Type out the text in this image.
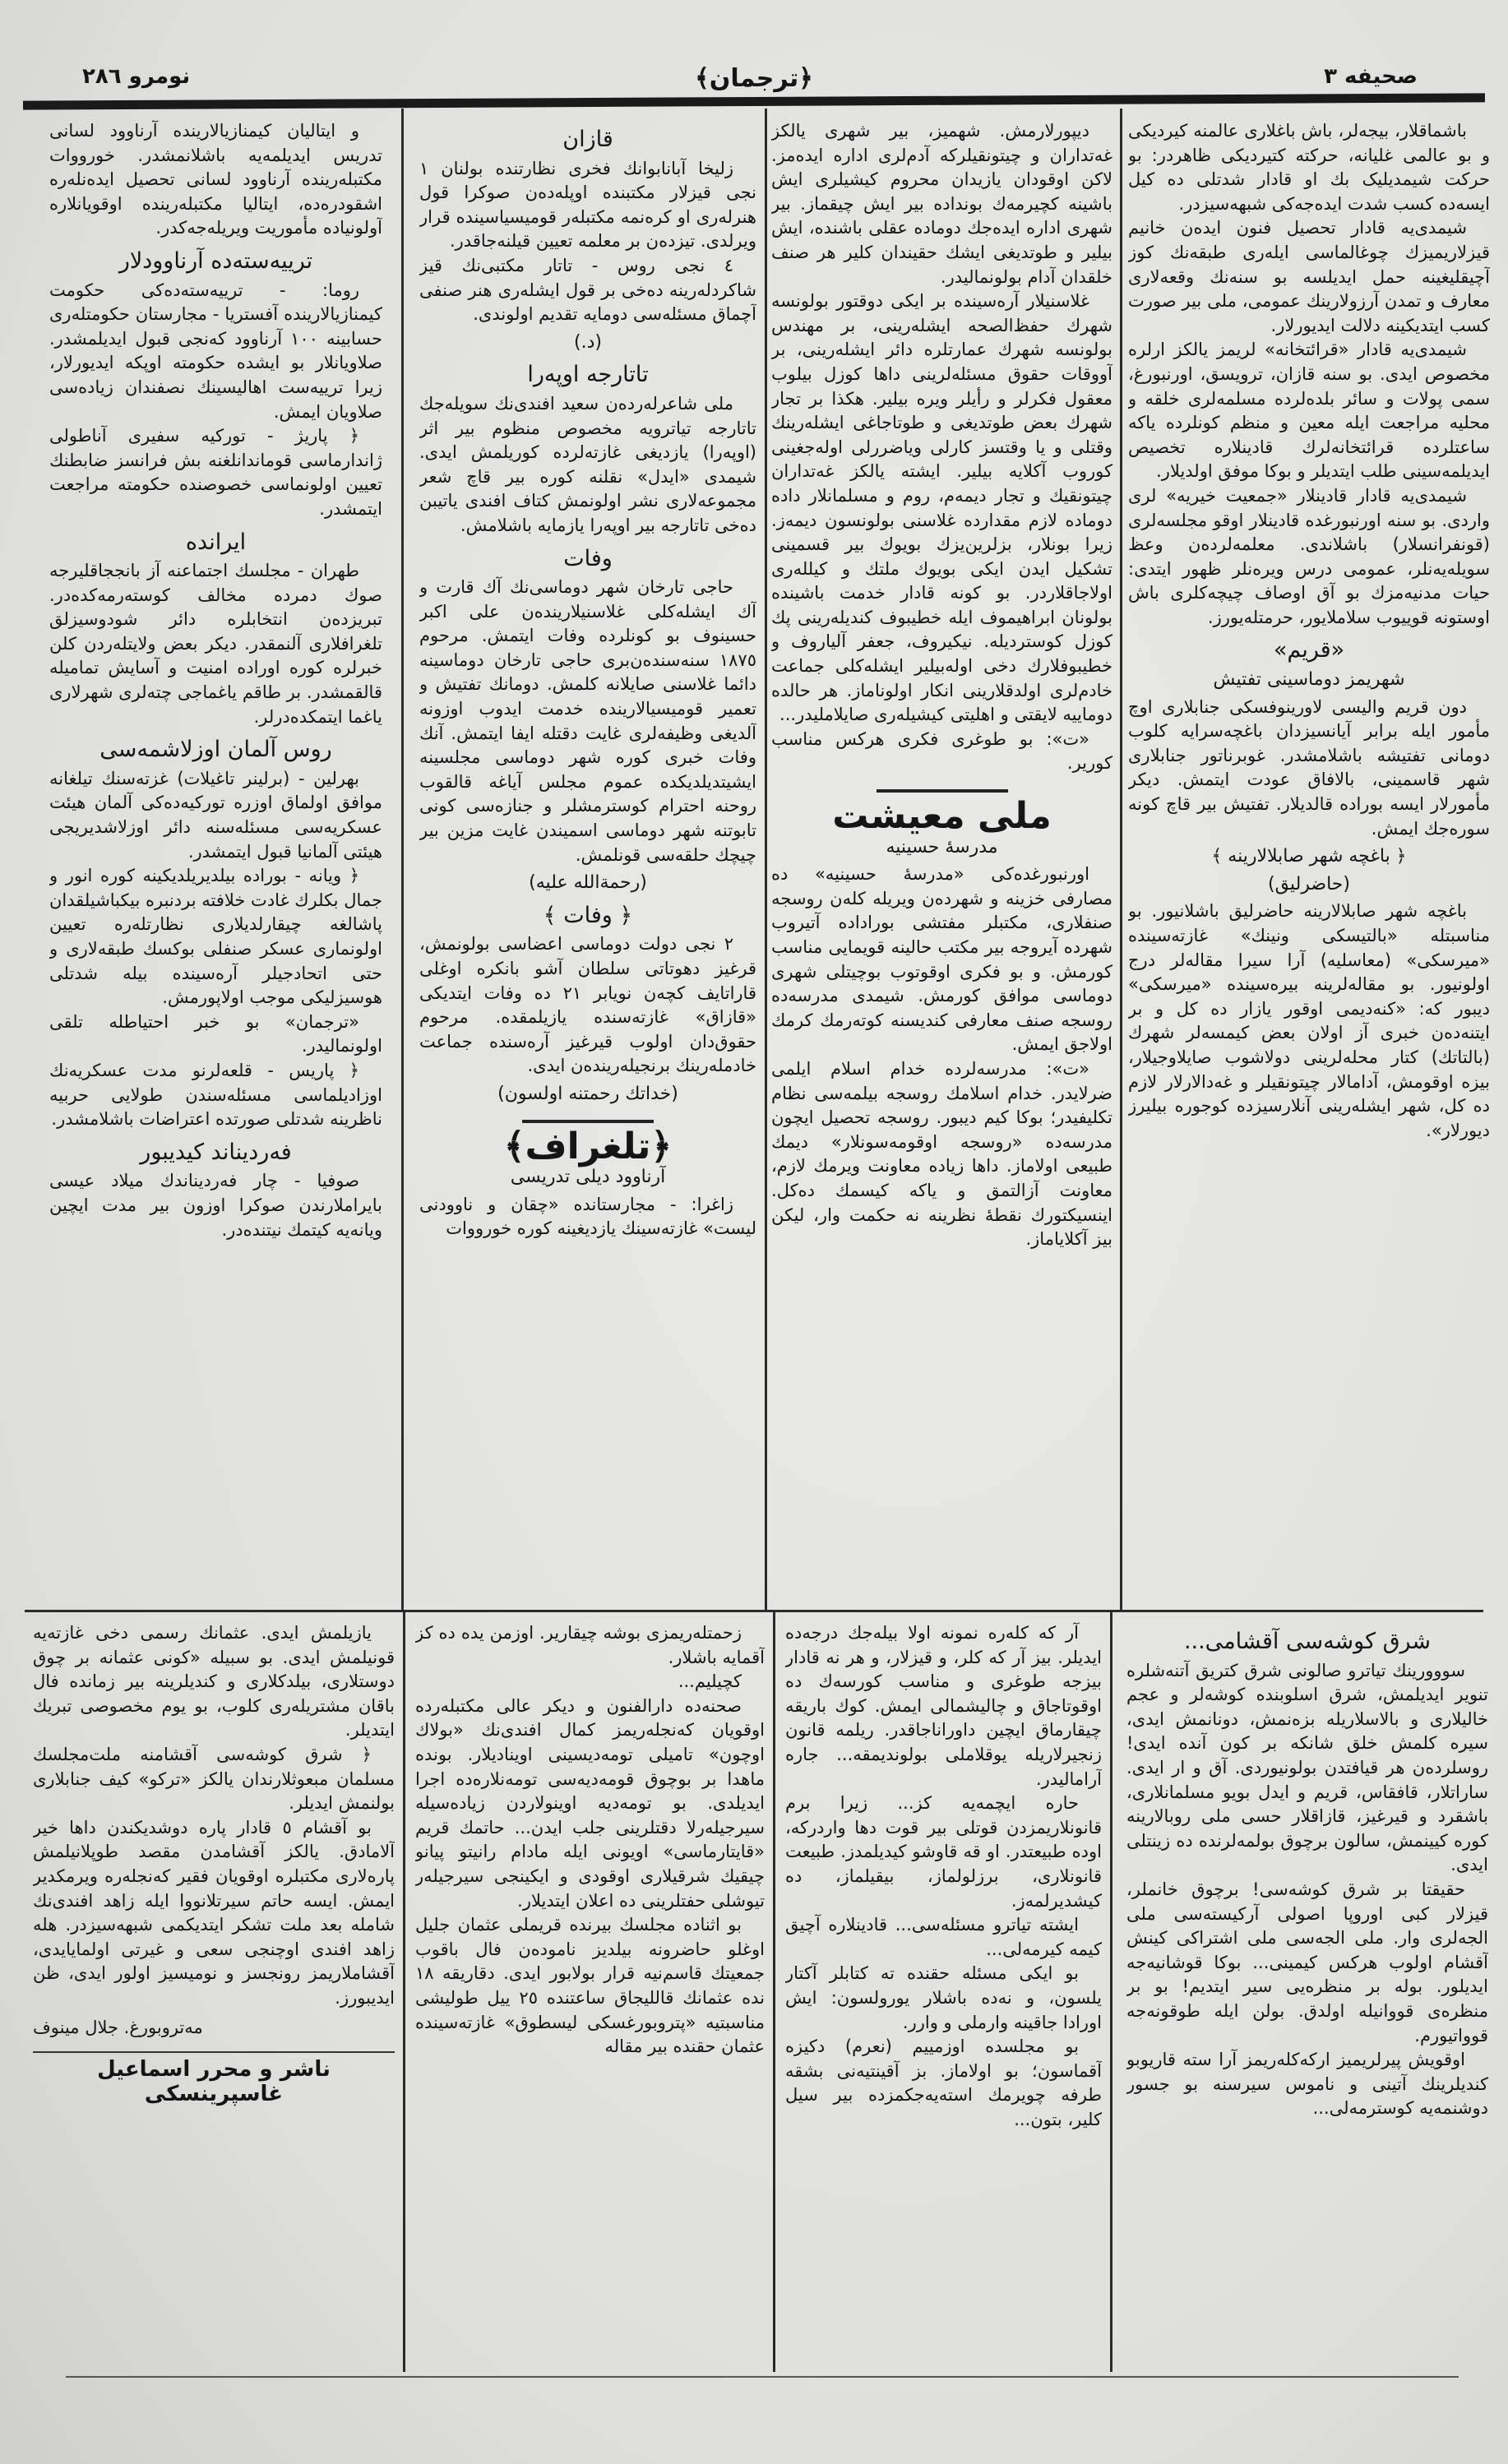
صحیفه ٣
﴿ترجمان﴾
نومرو ٢٨٦

باشماقلار، بیجه‌لر، باش باغلاری عالمنه کیردیکی و بو عالمی غلیانه، حرکته کتیردیکی ظاهردر: بو حرکت شیمدیلیک بك او قادار شدتلی ده کیل ایسه‌ده کسب شدت ایده‌جه‌کی شبهه‌سیزدر.

شیمدی‌یه قادار تحصیل فنون ایده‌ن خانیم قیزلاریمیزك چوغالماسی ایله‌ری طبقه‌نك كوز آچیقلیغینه حمل ایدیلسه بو سنه‌نك وقعه‌لاری معارف و تمدن آرزولارینك عمومی، ملی بیر صورت کسب ایتدیکینه دلالت ایدیورلار.

شیمدی‌یه قادار «قرائتخانه» لریمز یالکز ارلره مخصوص ایدی. بو سنه قازان، ترویسق، اورنبورغ، سمی پولات و سائر بلده‌لرده مسلمه‌لری خلقه و محلیه مراجعت ایله معین و منظم کونلرده یاکه ساعتلرده قرائتخانه‌لرك قادینلاره تخصیص ایدیلمه‌سینی طلب ایتدیلر و بوکا موفق اولدیلار.

شیمدی‌یه قادار قادینلار «جمعیت خیریه» لری واردی. بو سنه اورنبورغده قادینلار اوقو مجلسه‌لری (قونفرانسلار) باشلاندی. معلمه‌لرده‌ن وعظ سویله‌یه‌نلر، عمومی درس ویره‌نلر ظهور ایتدی: حیات مدنیه‌مزك بو آق اوصاف چیچه‌کلری باش اوستونه قوییوب سلاملایور، حرمتله‌یورز.

«قریم»
شهریمز دوماسینی تفتیش

دون قریم والیسی لاورینوفسکی جنابلاری اوچ مأمور ایله برابر آیانسیزدان باغچه‌سرایه کلوب دومانی تفتیشه باشلامشدر. غوبرناتور جنابلاری شهر قاسمینی، بالافاق عودت ایتمش. دیکر مأمورلار ایسه بوراده قالدیلار. تفتیش بیر قاچ کونه سوره‌جك ایمش.

﴿ باغچه شهر صابلالارینه ﴾
(حاضرلیق)

باغچه شهر صابلالارینه حاضرلیق باشلانیور. بو مناسبتله «بالتیسکی ونینك» غازته‌سینده «میرسکی» (معاسلیه) آرا سیرا مقاله‌لر درج اولونیور. بو مقاله‌لرینه بیره‌سینده «میرسکی» دیبور که: «کنه‌دیمی اوقور یازار ده کل و بر ایتنه‌ده‌ن خبری آز اولان بعض کیمسه‌لر شهرك (بالتاتك) کتار محله‌لرینی دولاشوب صایلاوجیلار، بیزه اوقومش، آدامالار چیتونقیلر و غه‌دالارلار لازم ده کل، شهر ایشله‌رینی آنلارسیزده کوجوره بیلیرز دیورلار».

دیپورلارمش. شهمیز، بیر شهری یالکز غه‌تداران و چیتونقیلرکه آدم‌لری اداره ایده‌مز. لاکن اوقودان یازیدان محروم کیشیلری ایش باشینه کچیرمه‌ك بونداده بیر ایش چیقماز. بیر شهری اداره ایده‌جك دوماده عقلی باشنده، ایش بیلیر و طوتدیغی ایشك حقیندان کلیر هر صنف خلقدان آدام بولونمالیدر.

غلاسنیلار آره‌سینده بر ایکی دوقتور بولونسه شهرك حفظ‌الصحه ایشله‌رینی، بر مهندس بولونسه شهرك عمارتلره دائر ایشله‌رینی، بر آووقات حقوق مسئله‌لرینی داها کوزل بیلوب معقول فکرلر و رأیلر ویره بیلیر. هکذا بر تجار شهرك بعض طوتدیغی و طوتاجاغی ایشله‌رینك وقتلی و یا وقتسز کارلی ویاضررلی اوله‌جغینی کوروب آکلایه بیلیر. ایشته یالکز غه‌تداران چیتونقیك و تجار دیمه‌م، روم و مسلمانلار داده دوماده لازم مقدارده غلاسنی بولونسون دیمه‌ز. زیرا بونلار، بزلرین‌یزك بویوك بیر قسمینی تشکیل ایدن ایکی بویوك ملتك و کیلله‌ری اولاجاقلاردر. بو کونه قادار خدمت باشینده بولونان ابراهیموف ایله خطیبوف کندیله‌رینی پك کوزل کوستردیله. نیکیروف، جعفر آلیاروف و خطیبوفلارك دخی اوله‌بیلیر ایشله‌کلی جماعت خادم‌لری اولدقلارینی انکار اولوناماز. هر حالده دوماییه لایقتی و اهلیتی کیشیله‌ری صایلاملیدر...

«ت»: بو طوغری فکری هرکس مناسب کوریر.

ملی معیشت
مدرسهٔ حسینیه

اورنبورغده‌کی «مدرسهٔ حسینیه» ده مصارفی خزینه و شهرده‌ن ویریله کله‌ن روسجه صنفلاری، مکتبلر مفتشی بوراداده آتیروب شهرده آیروجه بیر مکتب حالینه قویمایی مناسب کورمش. و بو فکری اوقوتوب بوچیتلی شهری دوماسی موافق کورمش. شیمدی مدرسه‌ده روسجه صنف معارفی کندیسنه کوته‌رمك کرمك اولاجق ایمش.

«ت»: مدرسه‌لرده خدام اسلام ایلمی ضرلایدر. خدام اسلامك روسجه بیلمه‌سی نظام تکلیفیدر؛ بوکا کیم دیبور. روسجه تحصیل ایچون مدرسه‌ده «روسجه اوقومه‌سونلار» دیمك طبیعی اولاماز. داها زیاده معاونت ویرمك لازم، معاونت آزالتمق و یاکه کیسمك ده‌کل. اینسیکتورك نقطهٔ نظرینه نه حکمت وار، لیکن بیز آکلایاماز.

قازان

زلیخا آبانابوانك فخری نظارتنده بولنان ١ نجی قیزلار مکتبنده اوپله‌ده‌ن صوکرا قول هنرله‌ری او کره‌نمه مکتبله‌ر قومیسیاسینده قرار ویرلدی. تیزده‌ن بر معلمه تعیین قیلنه‌جاقدر.

٤ نجی روس - تاتار مکتبی‌نك قیز شاکردله‌رینه ده‌خی بر قول ایشله‌ری هنر صنفی آچماق مسئله‌سی دومایه تقدیم اولوندی.

(د.)
تاتارجه اوپه‌را

ملی شاعرله‌رده‌ن سعید افندی‌نك سویله‌جك تاتارجه تیاترویه مخصوص منظوم بیر اثر (اوپه‌را) یازدیغی غازته‌لرده کوریلمش ایدی. شیمدی «ایدل» نقلنه کوره بیر قاچ شعر مجموعه‌لاری نشر اولونمش کتاف افندی یاتیبن ده‌خی تاتارجه بیر اوپه‌را یازمایه باشلامش.

وفات

حاجی تارخان شهر دوماسی‌نك آك قارت و آك ایشله‌کلی غلاسنیلارینده‌ن علی اکبر حسینوف بو کونلرده وفات ایتمش. مرحوم ١٨٧٥ سنه‌سنده‌ن‌بری حاجی تارخان دوماسینه دائما غلاسنی صایلانه کلمش. دومانك تفتیش و تعمیر قومیسیالارینده خدمت ایدوب اوزونه آلدیغی وظیفه‌لری غایت دقتله ایفا ایتمش. آنك وفات خبری کوره شهر دوماسی مجلسینه ایشیتدیلدیکده عموم مجلس آیاغه قالقوب روحنه احترام کوسترمشلر و جنازه‌سی کونی تابوتنه شهر دوماسی اسمیندن غایت مزین بیر چیچك حلقه‌سی قونلمش.

(رحمةالله علیه)
﴿ وفات ﴾

٢ نجی دولت دوماسی اعضاسی بولونمش، قرغیز دهوتاتی سلطان آشو بانکره اوغلی قاراتایف کچه‌ن نویابر ٢١ ده وفات ایتدیکی «قازاق» غازته‌سنده یازیلمقده. مرحوم حقوق‌دان اولوب قیرغیز آره‌سنده جماعت خادمله‌رینك برنجیله‌رینده‌ن ایدی.

(خداتك رحمتنه اولسون)
﴿تلغراف﴾
آرناوود دیلی تدریسی

زاغرا: - مجارستانده «چقان و ناوودنی لیست» غازته‌سینك یازدیغینه کوره خورووات

و ایتالیان کیمنازیالارینده آرناوود لسانی تدریس ایدیلمه‌یه باشلانمشدر. خورووات مکتبله‌رینده آرناوود لسانی تحصیل ایده‌نله‌ره اشقودره‌ده، ایتالیا مکتبله‌رینده اوقویانلاره آولونیاده مأموریت ویریله‌جه‌کدر.

ترییه‌سته‌ده آرناوودلار

روما: - ترییه‌سته‌ده‌کی حکومت کیمنازیالارینده آفستریا - مجارستان حکومتله‌ری حسابینه ١٠٠ آرناوود که‌نجی قبول ایدیلمشدر. صلاویانلار بو ایشده حکومته اوپکه ایدیورلار، زیرا ترییه‌ست اهالیسینك نصفندان زیاده‌سی صلاویان ایمش.

﴿ پاریژ - تورکیه سفیری آناطولی ژاندارماسی قوماندانلغنه بش فرانسز ضابطنك تعیین اولونماسی خصوصنده حکومته مراجعت ایتمشدر.

ایرانده

طهران - مجلسك اجتماعنه آز بانججاقلیرجه صوك دمرده مخالف کوسته‌رمه‌کده‌در. تبریزده‌ن انتخابلره دائر شودوسیزلق تلغرافلاری آلنمقدر. دیکر بعض ولایتله‌ردن کلن خبرلره کوره اوراده امنیت و آسایش تمامیله قالقمشدر. بر طاقم یاغماجی چته‌لری شهرلاری یاغما ایتمکده‌درلر.

روس آلمان اوزلاشمه‌سی

بهرلین - (برلینر تاغیلات) غزته‌سنك تیلغانه موافق اولماق اوزره تورکیه‌ده‌کی آلمان هیئت عسکریه‌سی مسئله‌سنه دائر اوزلاشدیریجی هیئتی آلمانیا قبول ایتمشدر.

﴿ ویانه - بوراده بیلدیریلدیکینه کوره انور و جمال بکلرك غادت خلافته بردنبره بیکباشیلقدان پاشالغه چیقارلدیلاری نظارتله‌ره تعیین اولونماری عسکر صنفلی بوکسك طبقه‌لاری و حتی اتحادجیلر آره‌سینده بیله شدتلی هوسیزلیکی موجب اولاپورمش.

«ترجمان» بو خبر احتیاطله تلقی اولونمالیدر.

﴿ پاریس - قلعه‌لرنو مدت عسکریه‌نك اوزادیلماسی مسئله‌سندن طولایی حربیه ناظرینه شدتلی صورتده اعتراضات باشلامشدر.

فه‌ردیناند کیدیبور

صوفیا - چار فه‌ردیناندك میلاد عیسی بایراملارندن صوکرا اوزون بیر مدت ایچین ویانه‌یه کیتمك نیتنده‌در.

شرق کوشه‌سی آقشامی...

سووورینك تیاترو صالونی شرق کتریق آتنه‌شلره تنویر ایدیلمش، شرق اسلوبنده کوشه‌لر و عجم خالیلاری و بالاسلاریله بزه‌نمش، دونانمش ایدی، سیره کلمش خلق شانکه بر کون آنده ایدی! روسلرده‌ن هر قیافتدن بولونیوردی. آق و ار ایدی. ساراتلار، قافقاس، قریم و ایدل بویو مسلمانلاری، باشقرد و قیرغیز، قازاقلار حسی ملی روبالارینه کوره کیینمش، سالون برچوق بولمه‌لرنده ده زینتلی ایدی.

حقیقتا بر شرق کوشه‌سی! برچوق خانملر، قیزلار کبی اوروپا اصولی آرکیسته‌سی ملی الجه‌لری وار. ملی الجه‌سی ملی اشتراکی کینش آقشام اولوب هرکس کیمینی... بوکا قوشانیه‌جه ایدیلور. بوله بر منظره‌یی سیر ایتدیم! بو بر منظره‌ی قووانیله اولدق. بولن ایله طوقونه‌جه قوواتیورم.

اوقویش پیرلریمیز ارکه‌کله‌ریمز آرا سته قاریوبو کندیلرینك آتینی و ناموس سیرسنه بو جسور دوشنمه‌یه کوسترمه‌لی...

آر که کله‌ره نمونه اولا بیله‌جك درجه‌ده ایدیلر. بیز آر که کلر، و قیزلار، و هر نه قادار بیزجه طوغری و مناسب کورسه‌ك ده اوقوتاجاق و چالیشمالی ایمش. کوك باریقه چیقارماق ایچین داوراناجاقدر. ریلمه قانون زنجیرلاریله یوقلاملی بولوندیمقه... جاره آرامالیدر.

حاره ایچمه‌یه کز... زیرا برم قانونلاریمزدن قوتلی بیر قوت دها واردرکه، اوده طبیعتدر. او قه قاوشو کیدیلمدز. طبیعت قانونلاری، برزلولماز، بیقیلماز، ده کیشدیرلمه‌ز.

ایشته تیاترو مسئله‌سی... قادینلاره آچیق کیمه کیرمه‌لی...

بو ایکی مسئله حقنده ته کتابلر آکتار یلسون، و نه‌ده باشلار یورولسون: ایش اورادا جاقینه وارملی و وارر.

بو مجلسده اوزمییم (نعرم) دکیزه آقماسون؛ بو اولاماز. بز آقینتیه‌نی بشقه طرفه چویرمك استه‌یه‌جکمزده بیر سیل کلیر، بتون...

زحمتله‌ریمزی بوشه چیقاریر. اوزمن یده ده کز آقمایه باشلار.

کچیلیم...

صحنه‌ده دارالفنون و دیکر عالی مکتبله‌رده اوقویان که‌نجله‌ریمز کمال افندی‌نك «بولاك اوچون» تامیلی تومه‌دیسینی اوینادیلار. بونده ماهدا بر بوچوق قومه‌دیه‌سی تومه‌نلاره‌ده اجرا ایدیلدی. بو تومه‌دیه اوینولاردن زیاده‌سیله سیرجیله‌رلا دقتلرینی جلب ایدن... حاتمك قریم «قایتارماسی» اویونی ایله مادام رانیتو پیانو چیقیك شرقیلاری اوقودی و ایکینجی سیرجیله‌ر تیوشلی حفتلرینی ده اعلان ایتدیلار.

بو اثنا‌ده مجلسك بیرنده قریملی عثمان جلیل اوغلو حاضرونه بیلدیز ناموده‌ن فال باقوب جمعیتك قاسم‌نیه قرار بولابور ایدی. دقاریقه ١٨ نده عثمانك قاللیجاق ساعتنده ٢٥ ییل طولیشی مناسبتیه «پتروبورغسکی لیسطوق» غازته‌سینده عثمان حقنده بیر مقاله

یازیلمش ایدی. عثمانك رسمی دخی غازته‌یه قونیلمش ایدی. بو سبیله «کونی عثمانه بر چوق دوستلاری، بیلدکلاری و کندیلرینه بیر زمانده فال باقان مشتریله‌ری کلوب، بو یوم مخصوصی تبریك ایتدیلر.

﴿ شرق کوشه‌سی آقشامنه ملت‌مجلسك مسلمان مبعوثلارندان یالکز «ترکو» کیف جنابلاری بولنمش ایدیلر.

بو آقشام ٥ قادار پاره دوشدیکندن داها خیر آلامادق. یالکز آقشامدن مقصد طوپلانیلمش پاره‌لاری مکتبلره اوقویان فقیر که‌نجله‌ره ویرمکدیر ایمش. ایسه حاتم سیرتلانووا ایله زاهد افندی‌نك شامله بعد ملت تشکر ایتدیکمی شبهه‌سیزدر. هله زاهد افندی اوچنجی سعی و غیرتی اولمایایدی، آقشاملاریمز رونجسز و نومیسیز اولور ایدی، ظن ایدیبورز.

مه‌تروبورغ. جلال مینوف
ناشر و محرر اسماعیل غاسپرینسکی
